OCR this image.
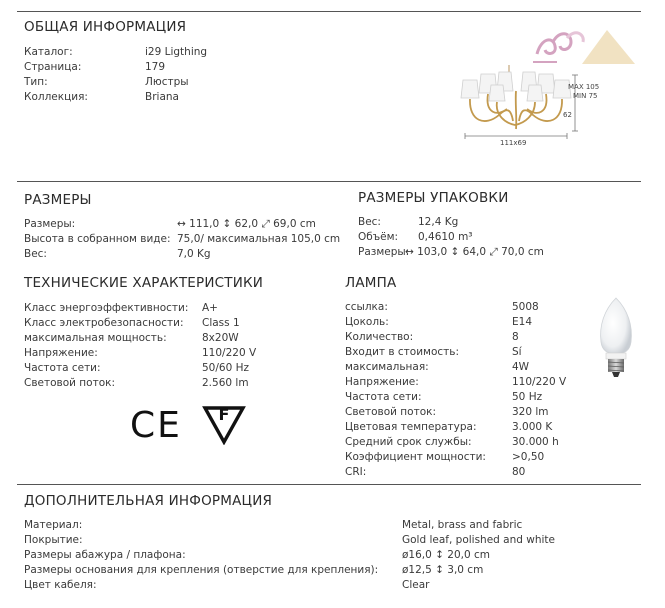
ОБЩАЯ ИНФОРМАЦИЯ
Каталог:	i29 Ligthing
Страница:	179
Тип:	Люстры
Коллекция:	Briana
MAX 105
MIN 75
62
111x69
РАЗМЕРЫ	РАЗМЕРЫ УПАКОВКИ
Размеры:	↔ 111,0 ↕ 62,0 ⤢ 69,0 cm
Высота в собранном виде: 75,0/ максимальная 105,0 cm
Вес:	7,0 Kg
Вес:	12,4 Kg
Объём: 0,4610 m³
Размеры:
↔ 103,0 ↕ 64,0 ⤢ 70,0 cm
ТЕХНИЧЕСКИЕ ХАРАКТЕРИСТИКИ	ЛАМПА
Класс энергоэффективности: A+
Класс электробезопасности: Class 1
максимальная мощность:	8x20W
Напряжение:	110/220 V
Частота сети:	50/60 Hz
Световой поток:	2.560 lm
CE F
ссылка:	5008
Цоколь:	E14
Количество:	8
Входит в стоимость:	Sí
максимальная:	4W
Напряжение:	110/220 V
Частота сети:	50 Hz
Световой поток:	320 lm
Цветовая температура:	3.000 K
Средний срок службы:	30.000 h
Коэффициент мощности: >0,50
CRI:	80
ДОПОЛНИТЕЛЬНАЯ ИНФОРМАЦИЯ
Материал:	Metal, brass and fabric
Покрытие:	Gold leaf, polished and white
Размеры абажура / плафона:	ø16,0 ↕ 20,0 cm
Размеры основания для крепления (отверстие для крепления): ø12,5 ↕ 3,0 cm
Цвет кабеля:	Clear
